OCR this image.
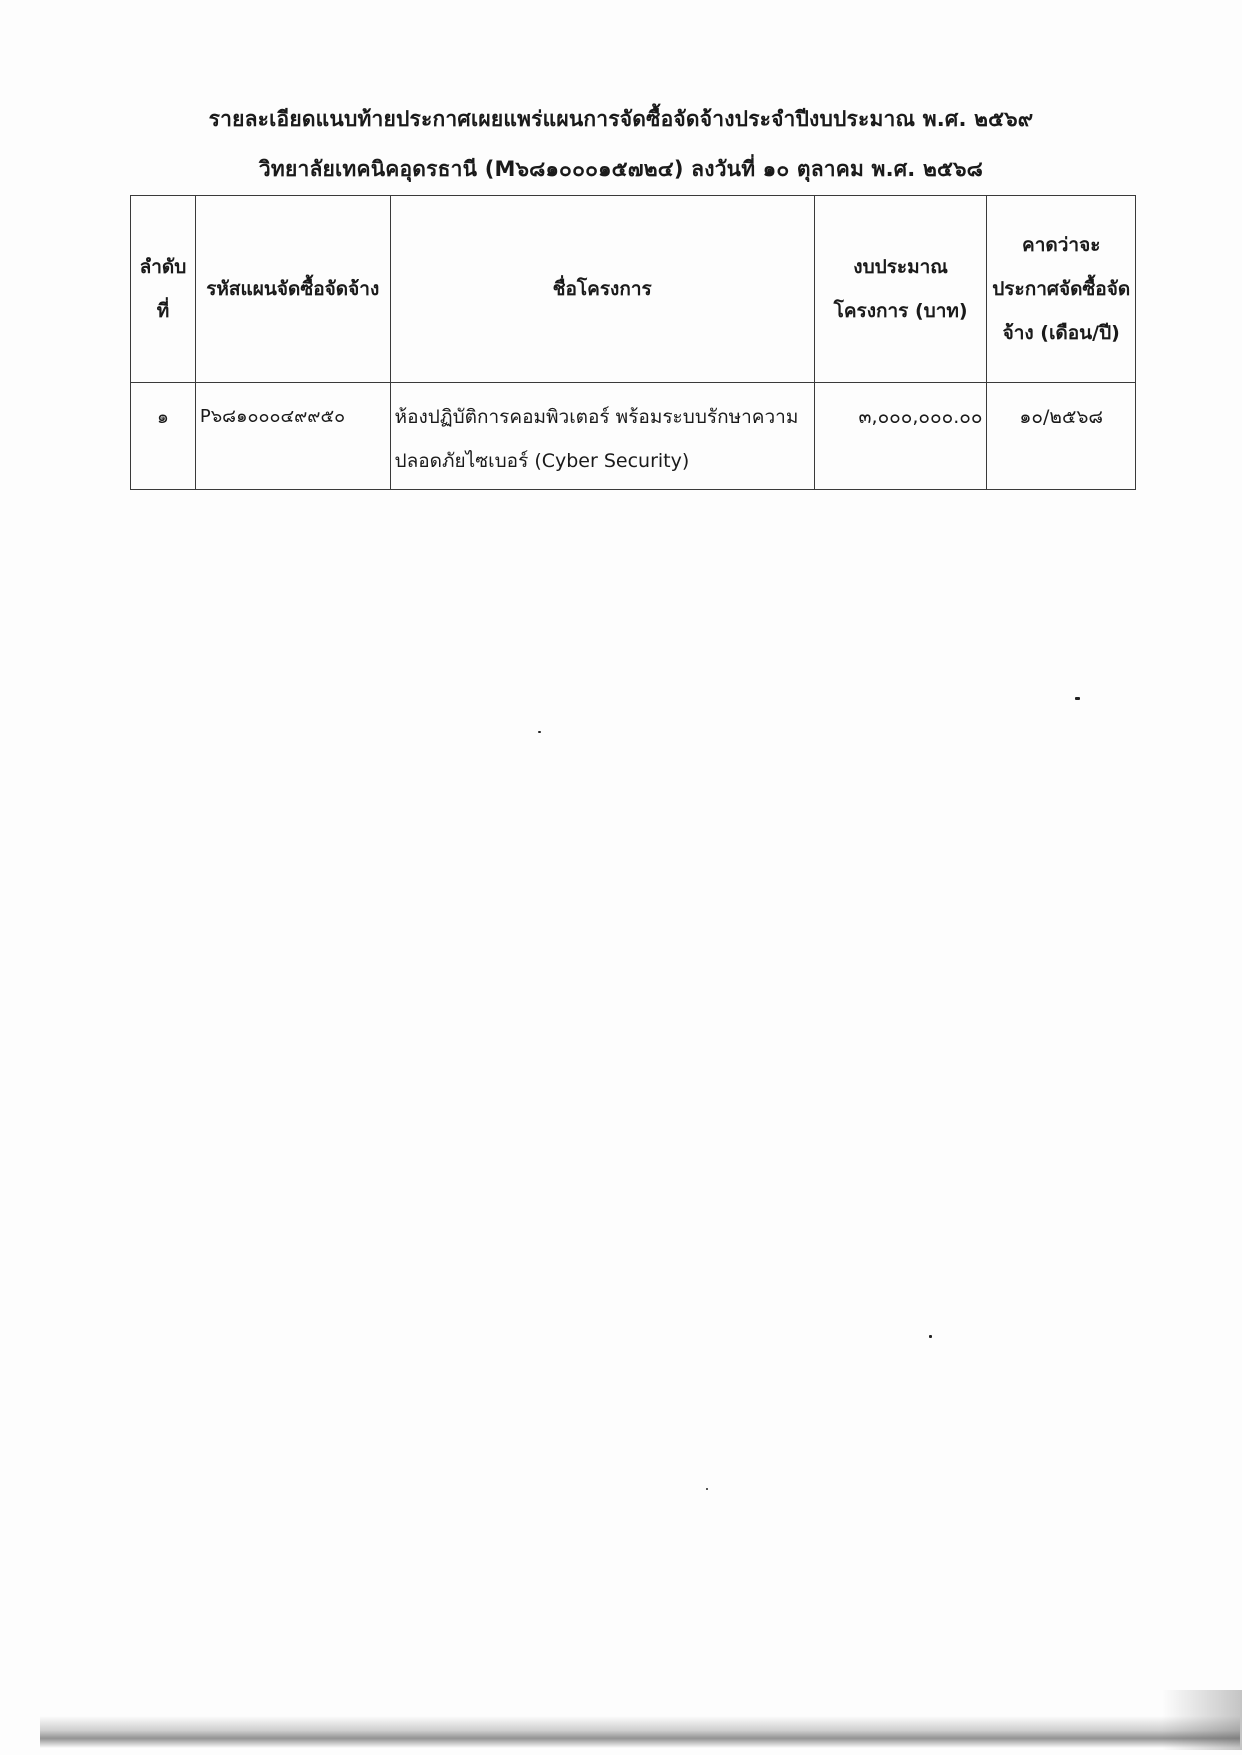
รายละเอียดแนบท้ายประกาศเผยแพร่แผนการจัดซื้อจัดจ้างประจำปีงบประมาณ พ.ศ. ๒๕๖๙
วิทยาลัยเทคนิคอุดรธานี (M๖๘๑๐๐๐๑๕๗๒๔) ลงวันที่ ๑๐ ตุลาคม พ.ศ. ๒๕๖๘
ลำดับที่	รหัสแผนจัดซื้อจัดจ้าง	ชื่อโครงการ	งบประมาณโครงการ (บาท)	คาดว่าจะประกาศจัดซื้อจัดจ้าง (เดือน/ปี)
๑	P๖๘๑๐๐๐๔๙๙๕๐	ห้องปฏิบัติการคอมพิวเตอร์ พร้อมระบบรักษาความปลอดภัยไซเบอร์ (Cyber Security)	๓,๐๐๐,๐๐๐.๐๐	๑๐/๒๕๖๘
